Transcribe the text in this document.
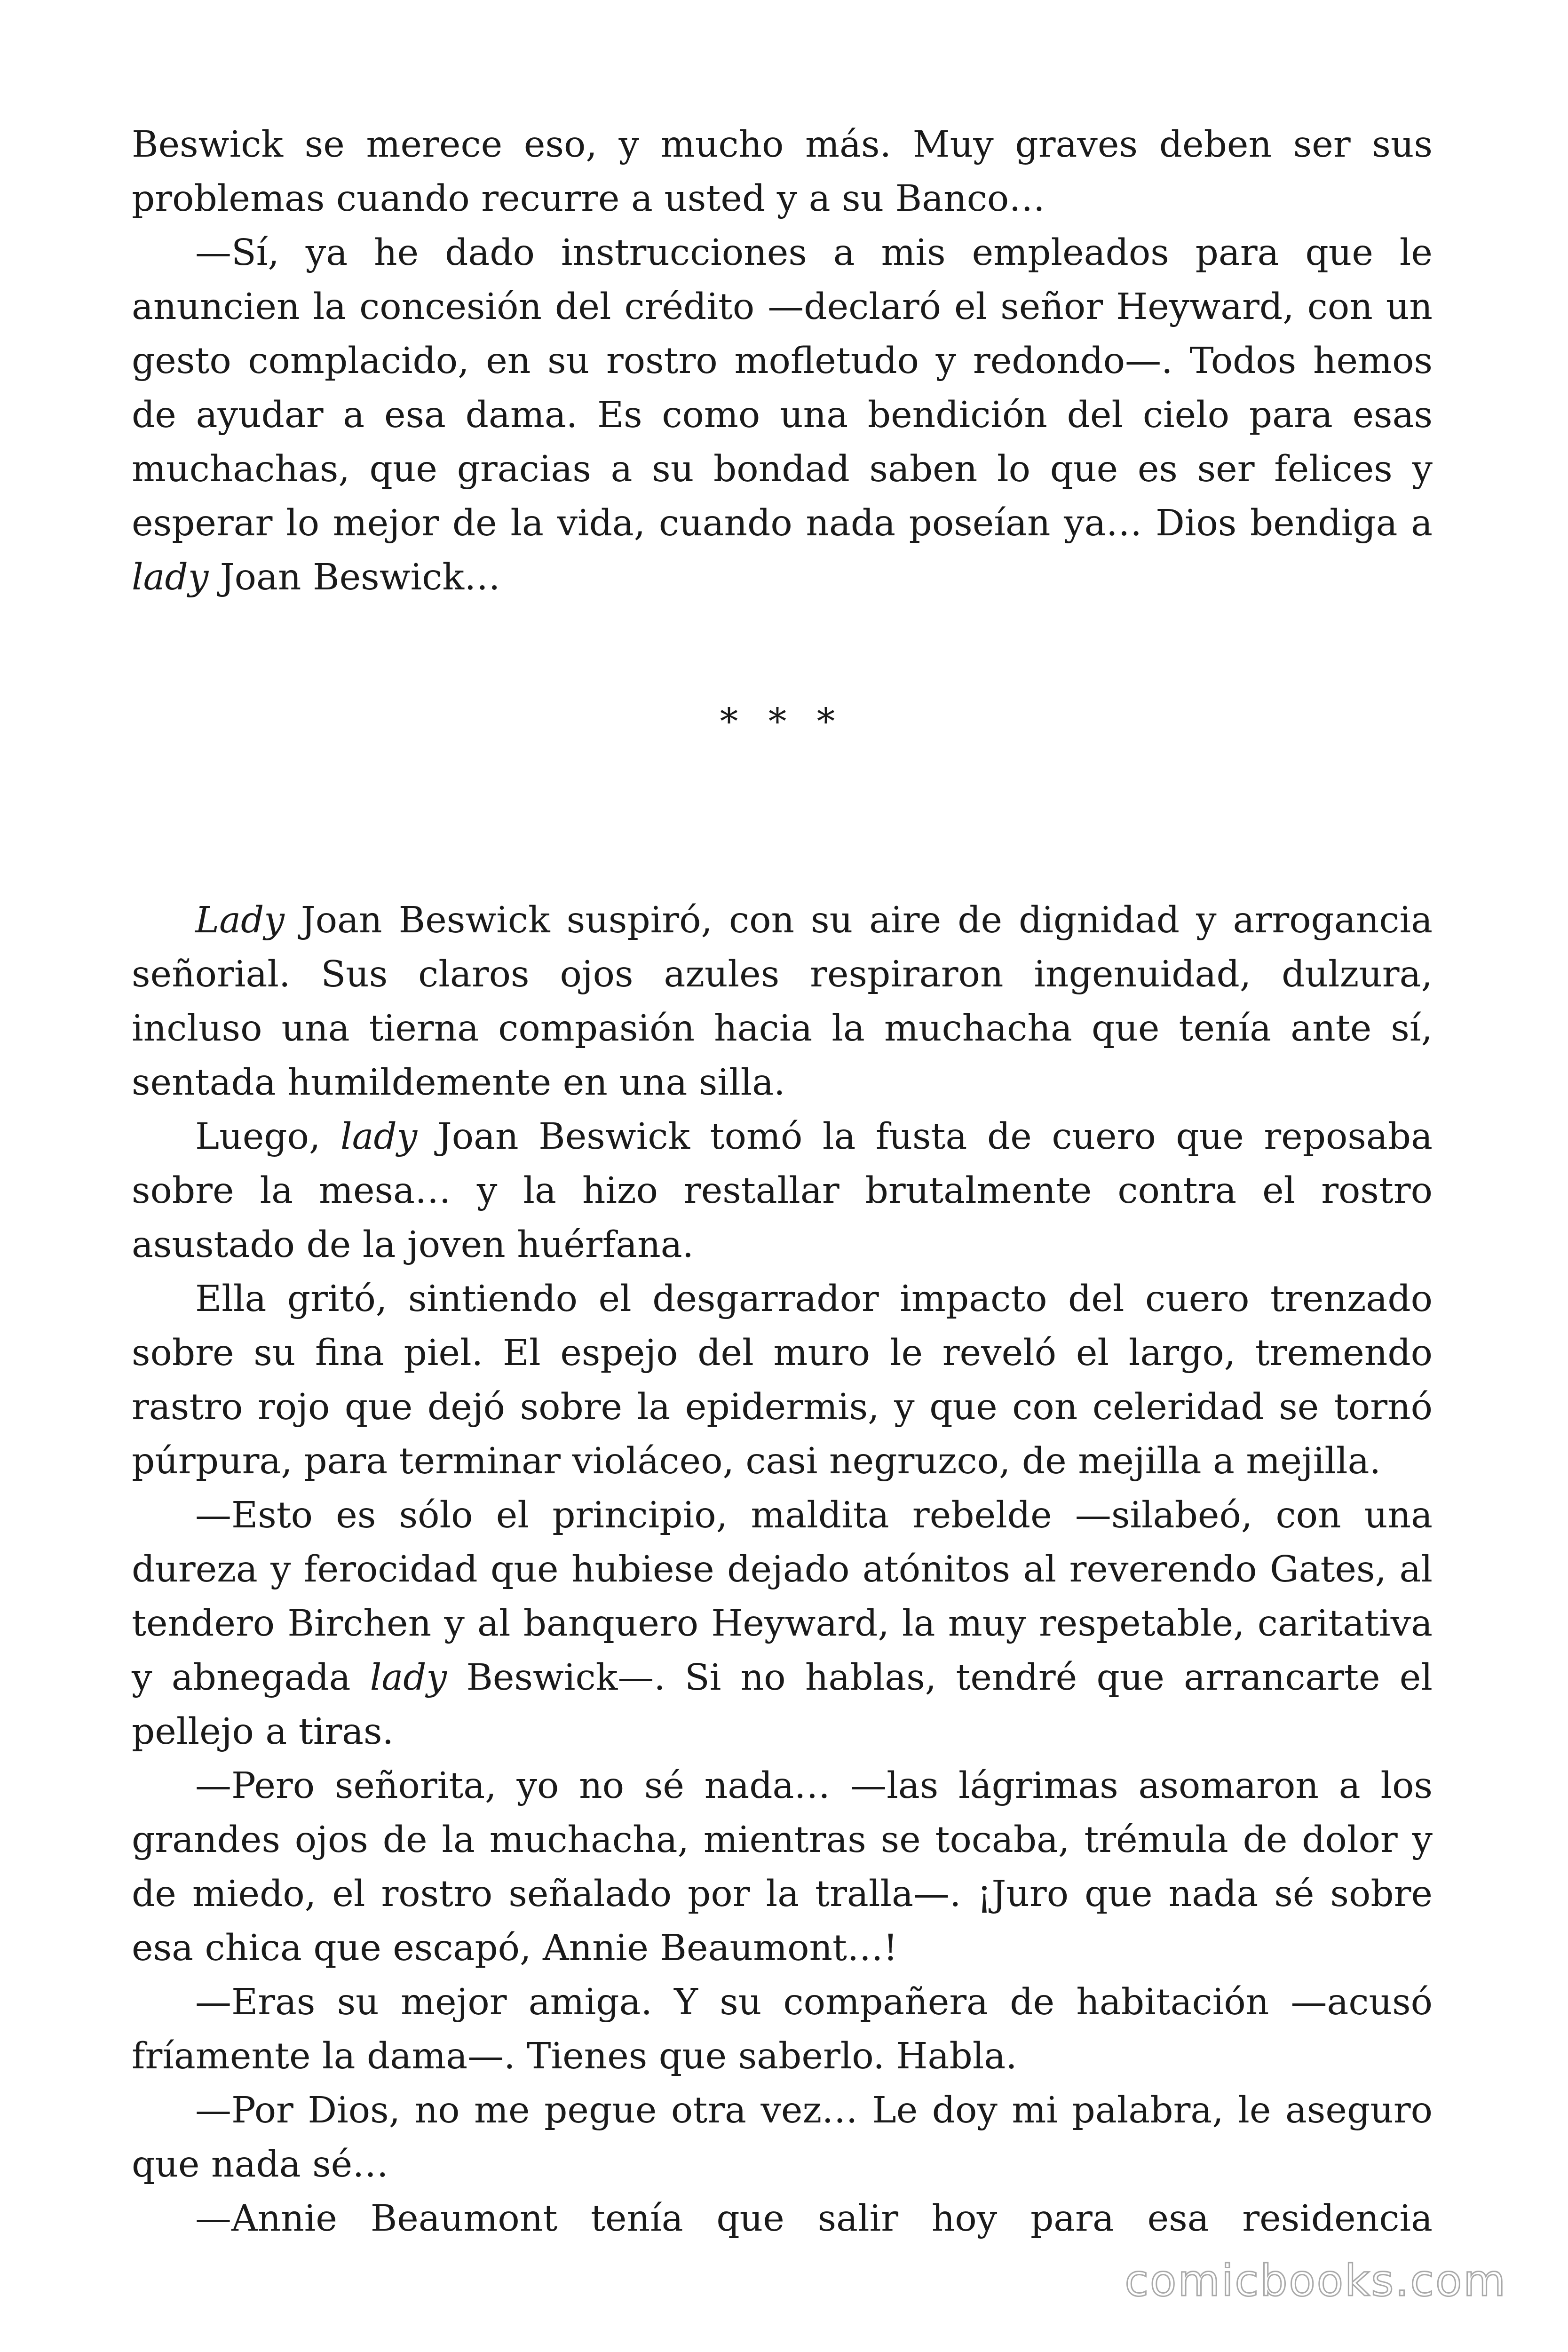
Beswick se merece eso, y mucho más. Muy graves deben ser sus problemas cuando recurre a usted y a su Banco…

—Sí, ya he dado instrucciones a mis empleados para que le anuncien la concesión del crédito —declaró el señor Heyward, con un gesto complacido, en su rostro mofletudo y redondo—. Todos hemos de ayudar a esa dama. Es como una bendición del cielo para esas muchachas, que gracias a su bondad saben lo que es ser felices y esperar lo mejor de la vida, cuando nada poseían ya… Dios bendiga a lady Joan Beswick…

* * *

Lady Joan Beswick suspiró, con su aire de dignidad y arrogancia señorial. Sus claros ojos azules respiraron ingenuidad, dulzura, incluso una tierna compasión hacia la muchacha que tenía ante sí, sentada humildemente en una silla.

Luego, lady Joan Beswick tomó la fusta de cuero que reposaba sobre la mesa… y la hizo restallar brutalmente contra el rostro asustado de la joven huérfana.

Ella gritó, sintiendo el desgarrador impacto del cuero trenzado sobre su fina piel. El espejo del muro le reveló el largo, tremendo rastro rojo que dejó sobre la epidermis, y que con celeridad se tornó púrpura, para terminar violáceo, casi negruzco, de mejilla a mejilla.

—Esto es sólo el principio, maldita rebelde —silabeó, con una dureza y ferocidad que hubiese dejado atónitos al reverendo Gates, al tendero Birchen y al banquero Heyward, la muy respetable, caritativa y abnegada lady Beswick—. Si no hablas, tendré que arrancarte el pellejo a tiras.

—Pero señorita, yo no sé nada… —las lágrimas asomaron a los grandes ojos de la muchacha, mientras se tocaba, trémula de dolor y de miedo, el rostro señalado por la tralla—. ¡Juro que nada sé sobre esa chica que escapó, Annie Beaumont…!

—Eras su mejor amiga. Y su compañera de habitación —acusó fríamente la dama—. Tienes que saberlo. Habla.

—Por Dios, no me pegue otra vez… Le doy mi palabra, le aseguro que nada sé…

—Annie Beaumont tenía que salir hoy para esa residencia

comicbooks.com
